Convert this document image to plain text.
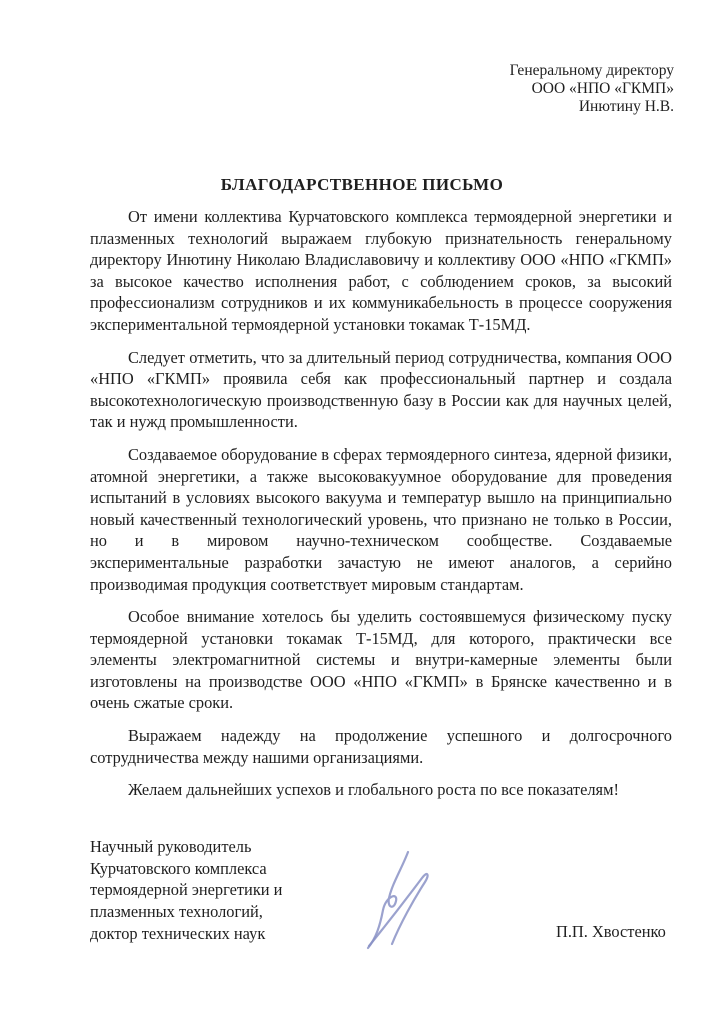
Генеральному директору
ООО «НПО «ГКМП»
Инютину Н.В.
БЛАГОДАРСТВЕННОЕ ПИСЬМО

От имени коллектива Курчатовского комплекса термоядерной энергетики и плазменных технологий выражаем глубокую признательность генеральному директору Инютину Николаю Владиславовичу и коллективу ООО «НПО «ГКМП» за высокое качество исполнения работ, с соблюдением сроков, за высокий профессионализм сотрудников и их коммуникабельность в процессе сооружения экспериментальной термоядерной установки токамак Т-15МД.

Следует отметить, что за длительный период сотрудничества, компания ООО «НПО «ГКМП» проявила себя как профессиональный партнер и создала высокотехнологическую производственную базу в России как для научных целей, так и нужд промышленности.

Создаваемое оборудование в сферах термоядерного синтеза, ядерной физики, атомной энергетики, а также высоковакуумное оборудование для проведения испытаний в условиях высокого вакуума и температур вышло на принципиально новый качественный технологический уровень, что признано не только в России, но и в мировом научно-техническом сообществе. Создаваемые экспериментальные разработки зачастую не имеют аналогов, а серийно производимая продукция соответствует мировым стандартам.

Особое внимание хотелось бы уделить состоявшемуся физическому пуску термоядерной установки токамак Т-15МД, для которого, практически все элементы электромагнитной системы и внутри-камерные элементы были изготовлены на производстве ООО «НПО «ГКМП» в Брянске качественно и в очень сжатые сроки.

Выражаем надежду на продолжение успешного и долгосрочного сотрудничества между нашими организациями.

Желаем дальнейших успехов и глобального роста по все показателям!

Научный руководитель
Курчатовского комплекса
термоядерной энергетики и
плазменных технологий,
доктор технических наук	П.П. Хвостенко
